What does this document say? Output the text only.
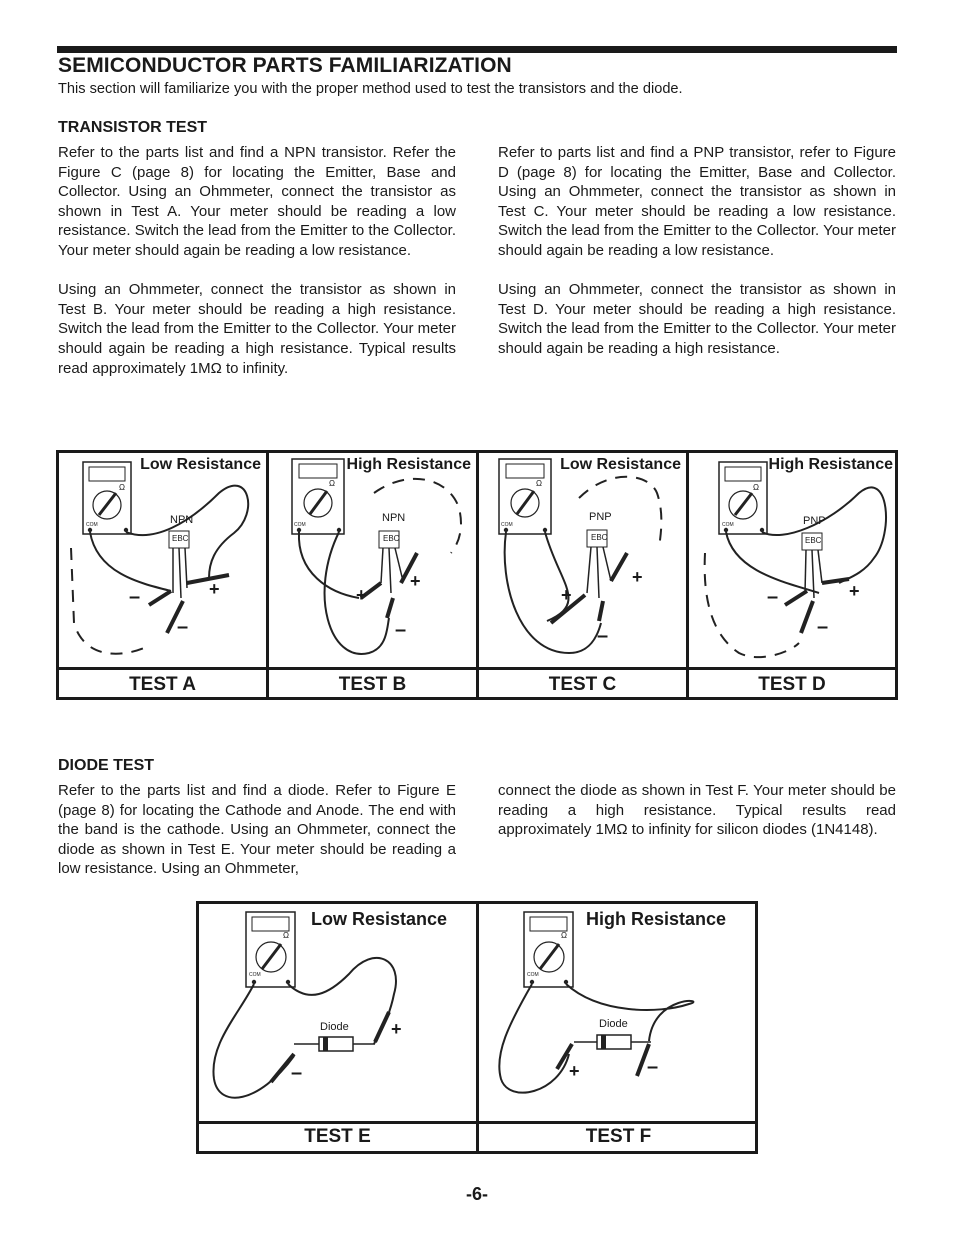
SEMICONDUCTOR PARTS FAMILIARIZATION
This section will familiarize you with the proper method used to test the transistors and the diode.
TRANSISTOR TEST

Refer to the parts list and find a NPN transistor. Refer the Figure C (page 8) for locating the Emitter, Base and Collector. Using an Ohmmeter, connect the transistor as shown in Test A. Your meter should be reading a low resistance. Switch the lead from the Emitter to the Collector. Your meter should again be reading a low resistance.

Using an Ohmmeter, connect the transistor as shown in Test B. Your meter should be reading a high resistance. Switch the lead from the Emitter to the Collector. Your meter should again be reading a high resistance. Typical results read approximately 1MΩ to infinity.

Refer to parts list and find a PNP transistor, refer to Figure D (page 8) for locating the Emitter, Base and Collector. Using an Ohmmeter, connect the transistor as shown in Test C. Your meter should be reading a low resistance. Switch the lead from the Emitter to the Collector. Your meter should again be reading a low resistance.

Using an Ohmmeter, connect the transistor as shown in Test D. Your meter should be reading a high resistance. Switch the lead from the Emitter to the Collector. Your meter should again be reading a high resistance.

Low Resistance
NPN
EBC
Ω
COM
+
–
–
High Resistance
NPN
EBC
Ω
COM
+
+
–
Low Resistance
PNP
EBC
Ω
COM
+
+
–
High Resistance
PNP
EBC
Ω
COM
+
–
–
TEST A	TEST B	TEST C	TEST D
DIODE TEST

Refer to the parts list and find a diode. Refer to Figure E (page 8) for locating the Cathode and Anode. The end with the band is the cathode. Using an Ohmmeter, connect the diode as shown in Test E. Your meter should be reading a low resistance. Using an Ohmmeter,

connect the diode as shown in Test F. Your meter should be reading a high resistance. Typical results read approximately 1MΩ to infinity for silicon diodes (1N4148).

Low Resistance
Diode
Ω
COM
+
–
High Resistance
Diode
Ω
COM
+	–
TEST E	TEST F
-6-
